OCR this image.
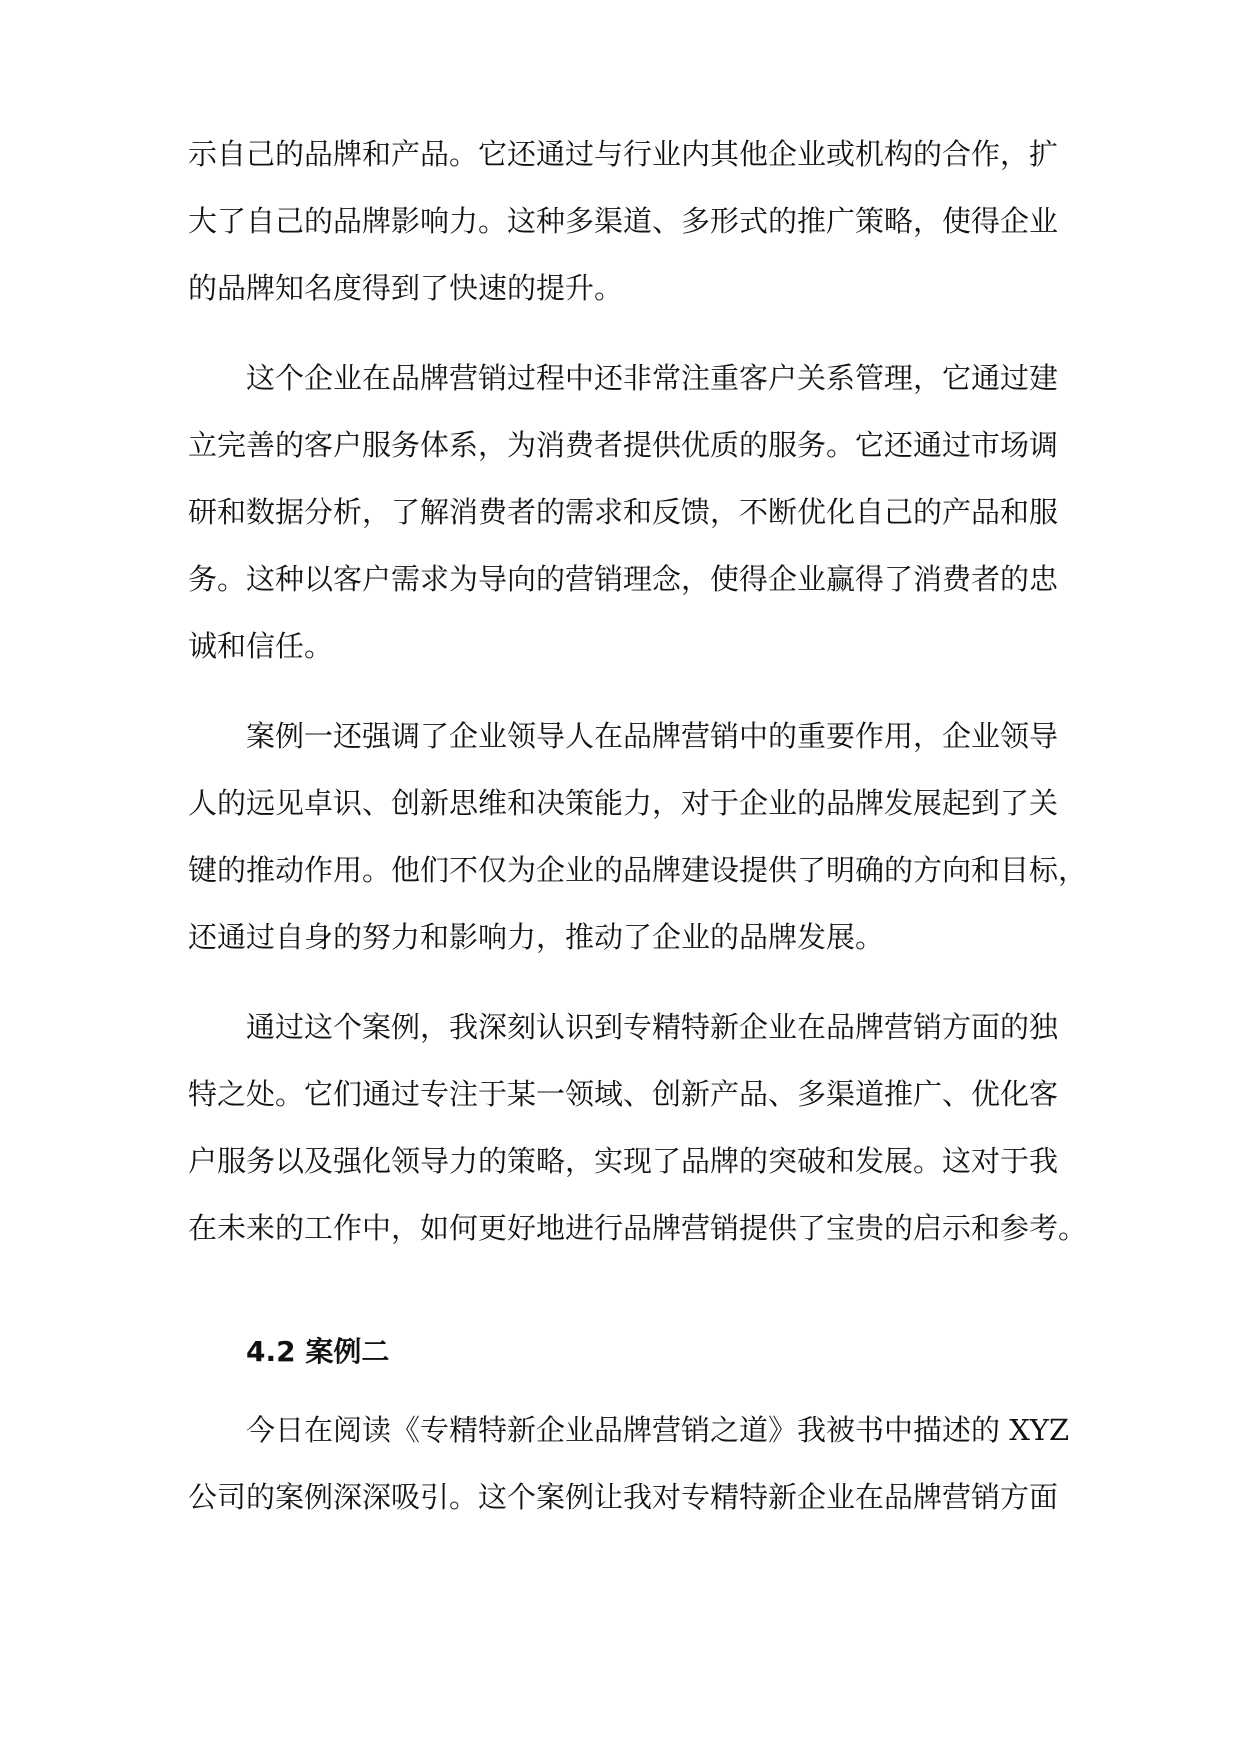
示自己的品牌和产品。它还通过与行业内其他企业或机构的合作，扩
大了自己的品牌影响力。这种多渠道、多形式的推广策略，使得企业
的品牌知名度得到了快速的提升。
这个企业在品牌营销过程中还非常注重客户关系管理，它通过建
立完善的客户服务体系，为消费者提供优质的服务。它还通过市场调
研和数据分析，了解消费者的需求和反馈，不断优化自己的产品和服
务。这种以客户需求为导向的营销理念，使得企业赢得了消费者的忠
诚和信任。
案例一还强调了企业领导人在品牌营销中的重要作用，企业领导
人的远见卓识、创新思维和决策能力，对于企业的品牌发展起到了关
键的推动作用。他们不仅为企业的品牌建设提供了明确的方向和目标，
还通过自身的努力和影响力，推动了企业的品牌发展。
通过这个案例，我深刻认识到专精特新企业在品牌营销方面的独
特之处。它们通过专注于某一领域、创新产品、多渠道推广、优化客
户服务以及强化领导力的策略，实现了品牌的突破和发展。这对于我
在未来的工作中，如何更好地进行品牌营销提供了宝贵的启示和参考。
4.2 案例二
今日在阅读《专精特新企业品牌营销之道》我被书中描述的 XYZ
公司的案例深深吸引。这个案例让我对专精特新企业在品牌营销方面
